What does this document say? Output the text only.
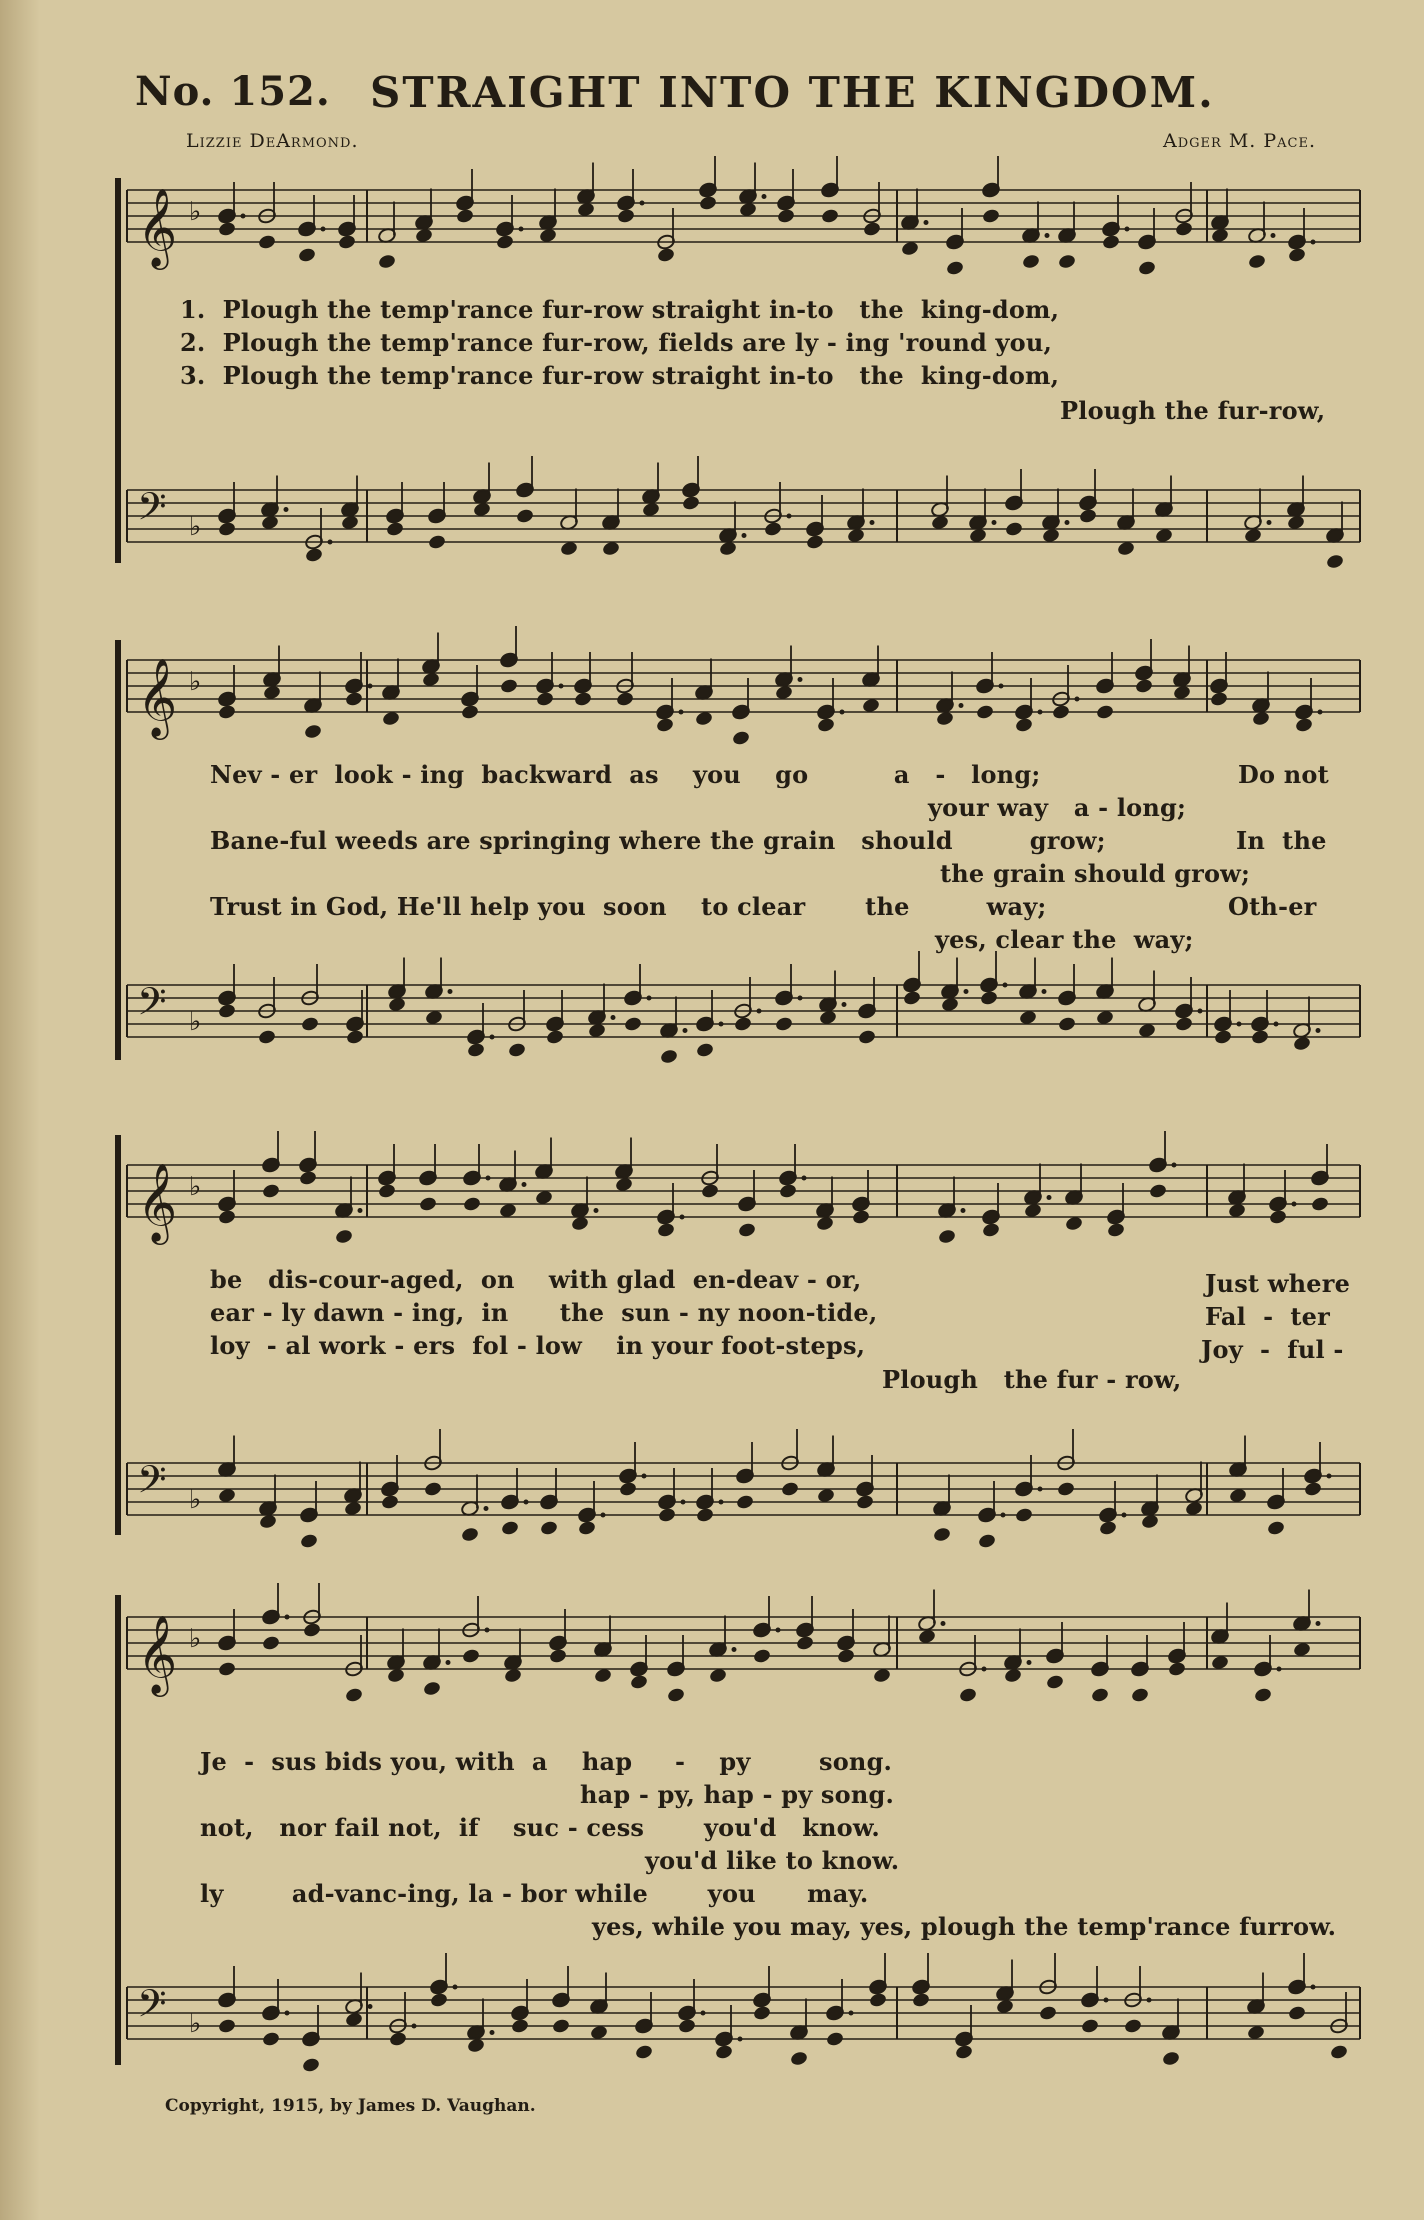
No. 152. STRAIGHT INTO THE KINGDOM.
Lizzie DeArmond.	Adger M. Pace.
𝄞 ♭
1.  Plough the temp'rance fur-row straight in-to   the  king-dom,
2.  Plough the temp'rance fur-row, fields are ly - ing 'round you,
3.  Plough the temp'rance fur-row straight in-to   the  king-dom,
Plough the fur-row,
𝄢 ♭
𝄞 ♭
Nev - er  look - ing  backward  as    you    go          a   -   long;
your way   a - long;
Bane-ful weeds are springing where the grain   should         grow;
the grain should grow;
Trust in God, He'll help you  soon    to clear       the         way;
yes, clear the  way;
Do not
In  the
Oth-er
𝄢 ♭
𝄞 ♭
be   dis-cour-aged,  on    with glad  en-deav - or,
ear - ly dawn - ing,  in      the  sun - ny noon-tide,
loy  - al work - ers  fol - low    in your foot-steps,
Plough   the fur - row,
Just where
Fal  -  ter
Joy  -  ful -
𝄢 ♭
𝄞 ♭
Je  -  sus bids you, with  a    hap     -    py        song.
hap - py, hap - py song.
not,   nor fail not,  if    suc - cess       you'd   know.
you'd like to know.
ly        ad-vanc-ing, la - bor while       you      may.
yes, while you may, yes, plough the temp'rance furrow.
𝄢 ♭
Copyright, 1915, by James D. Vaughan.
